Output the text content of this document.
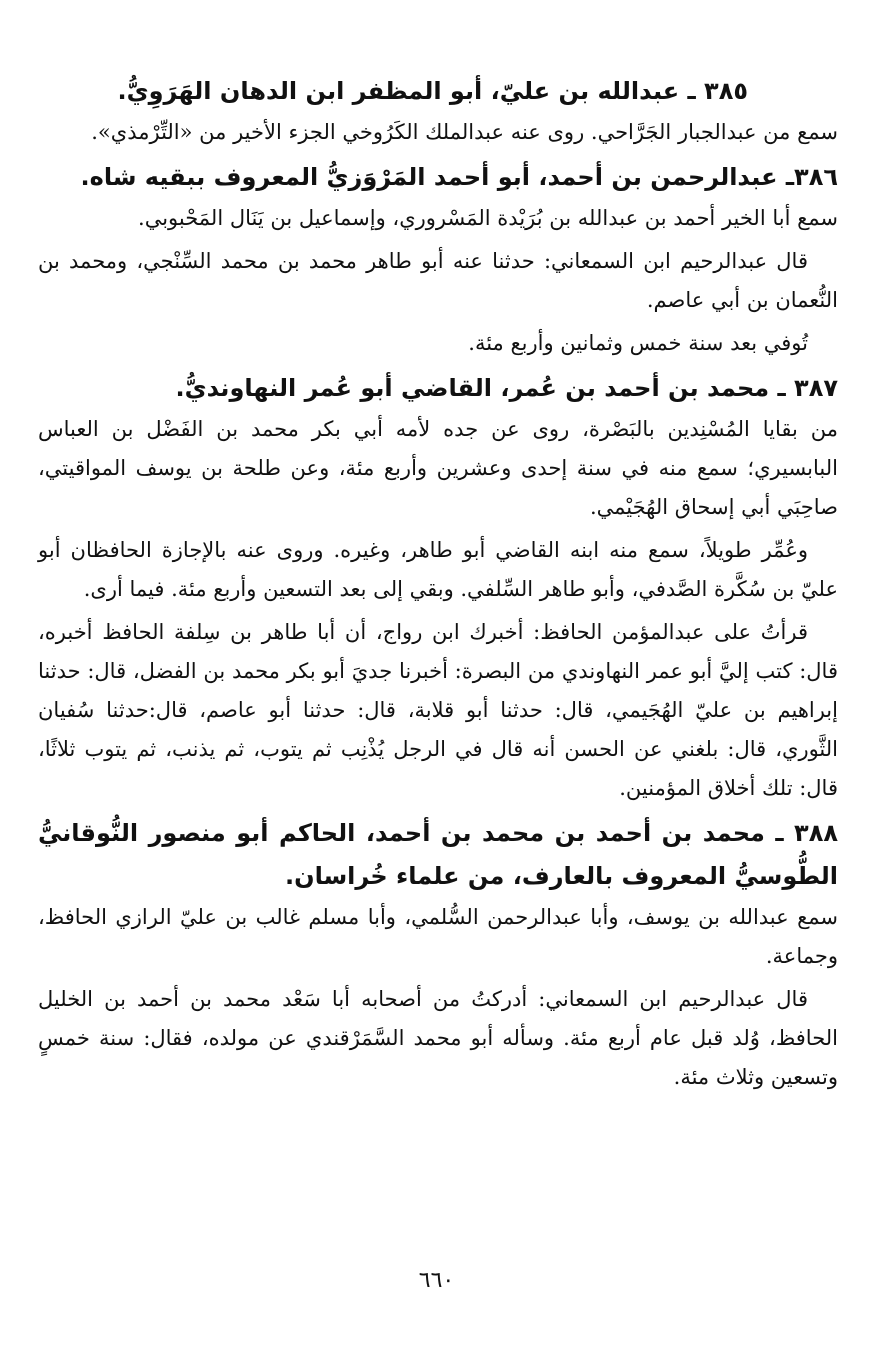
٣٨٥ ـ عبدالله بن عليّ، أبو المظفر ابن الدهان الهَرَوِيُّ.

سمع من عبدالجبار الجَرَّاحي. روى عنه عبدالملك الكَرُوخي الجزء الأخير من «التِّرْمذي».

٣٨٦ـ عبدالرحمن بن أحمد، أبو أحمد المَرْوَزيُّ المعروف ببقيه شاه.

سمع أبا الخير أحمد بن عبدالله بن بُرَيْدة المَسْروري، وإسماعيل بن يَنَال المَحْبوبي.

قال عبدالرحيم ابن السمعاني: حدثنا عنه أبو طاهر محمد بن محمد السِّنْجي، ومحمد بن النُّعمان بن أبي عاصم.

تُوفي بعد سنة خمس وثمانين وأربع مئة.

٣٨٧ ـ محمد بن أحمد بن عُمر، القاضي أبو عُمر النهاونديُّ.

من بقايا المُسْنِدين بالبَصْرة، روى عن جده لأمه أبي بكر محمد بن الفَضْل بن العباس البابسيري؛ سمع منه في سنة إحدى وعشرين وأربع مئة، وعن طلحة بن يوسف المواقيتي، صاحِبَي أبي إسحاق الهُجَيْمي.

وعُمِّر طويلاً، سمع منه ابنه القاضي أبو طاهر، وغيره. وروى عنه بالإجازة الحافظان أبو عليّ بن سُكَّرة الصَّدفي، وأبو طاهر السِّلفي. وبقي إلى بعد التسعين وأربع مئة. فيما أرى.

قرأتُ على عبدالمؤمن الحافظ: أخبرك ابن رواج، أن أبا طاهر بن سِلفة الحافظ أخبره، قال: كتب إليَّ أبو عمر النهاوندي من البصرة: أخبرنا جديَ أبو بكر محمد بن الفضل، قال: حدثنا إبراهيم بن عليّ الهُجَيمي، قال: حدثنا أبو قلابة، قال: حدثنا أبو عاصم، قال:حدثنا سُفيان الثَّوري، قال: بلغني عن الحسن أنه قال في الرجل يُذْنِب ثم يتوب، ثم يذنب، ثم يتوب ثلاثًا، قال: تلك أخلاق المؤمنين.

٣٨٨ ـ محمد بن أحمد بن محمد بن أحمد، الحاكم أبو منصور النُّوقانيُّ الطُّوسيُّ المعروف بالعارف، من علماء خُراسان.

سمع عبدالله بن يوسف، وأبا عبدالرحمن السُّلمي، وأبا مسلم غالب بن عليّ الرازي الحافظ، وجماعة.

قال عبدالرحيم ابن السمعاني: أدركتُ من أصحابه أبا سَعْد محمد بن أحمد بن الخليل الحافظ، وُلد قبل عام أربع مئة. وسأله أبو محمد السَّمَرْقندي عن مولده، فقال: سنة خمسٍ وتسعين وثلاث مئة.

٦٦٠
